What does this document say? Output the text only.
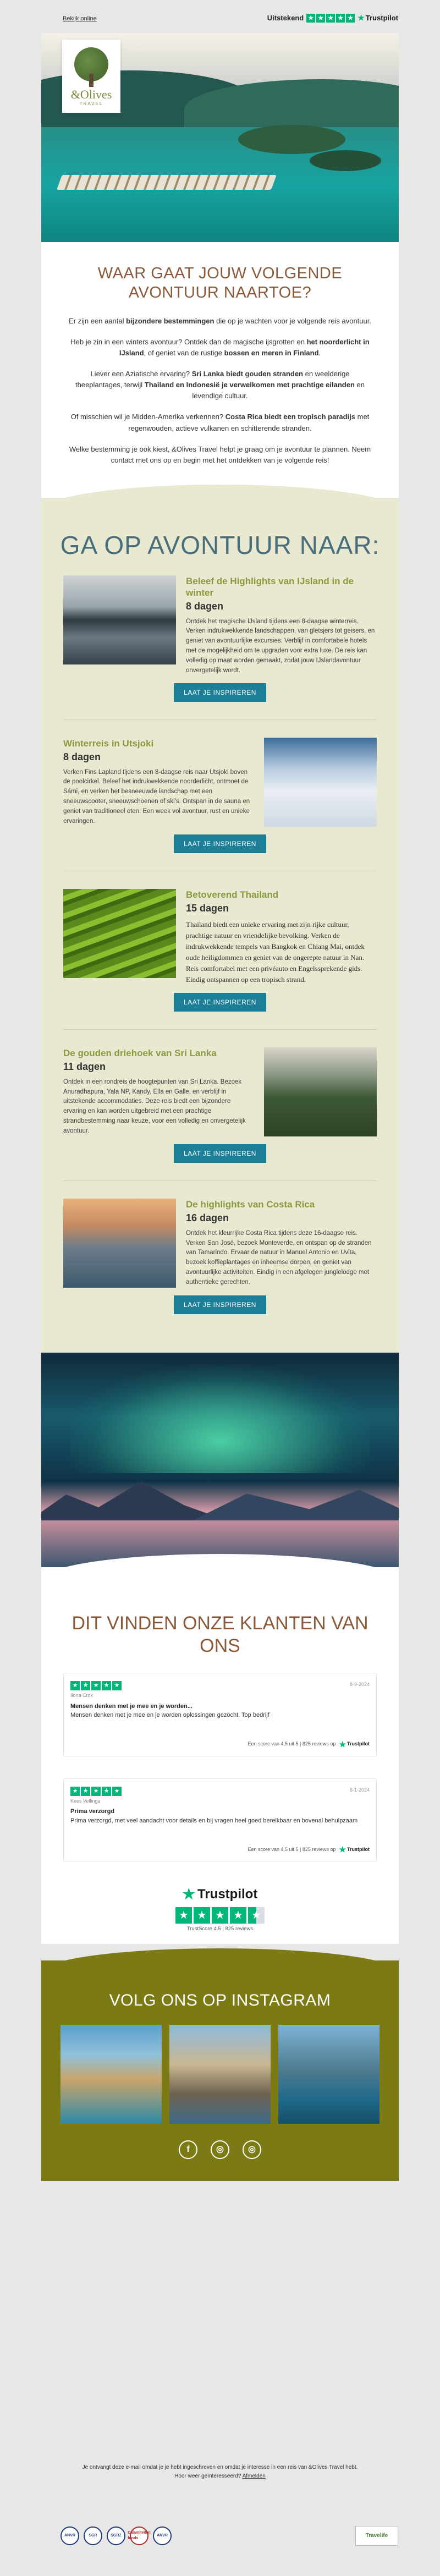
Bekijk online	Uitstekend ★ ★ ★ ★ ★ ★ Trustpilot
&Olives
TRAVEL
WAAR GAAT JOUW VOLGENDE AVONTUUR NAARTOE?

Er zijn een aantal bijzondere bestemmingen die op je wachten voor je volgende reis avontuur.

Heb je zin in een winters avontuur? Ontdek dan de magische ijsgrotten en het noorderlicht in IJsland, of geniet van de rustige bossen en meren in Finland.

Liever een Aziatische ervaring? Sri Lanka biedt gouden stranden en weelderige theeplantages, terwijl Thailand en Indonesië je verwelkomen met prachtige eilanden en levendige cultuur.

Of misschien wil je Midden-Amerika verkennen? Costa Rica biedt een tropisch paradijs met regenwouden, actieve vulkanen en schitterende stranden.

Welke bestemming je ook kiest, &Olives Travel helpt je graag om je avontuur te plannen. Neem contact met ons op en begin met het ontdekken van je volgende reis!

GA OP AVONTUUR NAAR:
Beleef de Highlights van IJsland in de winter
8 dagen
Ontdek het magische IJsland tijdens een 8-daagse winterreis. Verken indrukwekkende landschappen, van gletsjers tot geisers, en geniet van avontuurlijke excursies. Verblijf in comfortabele hotels met de mogelijkheid om te upgraden voor extra luxe. De reis kan volledig op maat worden gemaakt, zodat jouw IJslandavontuur onvergetelijk wordt.
LAAT JE INSPIREREN
Winterreis in Utsjoki
8 dagen
Verken Fins Lapland tijdens een 8-daagse reis naar Utsjoki boven de poolcirkel. Beleef het indrukwekkende noorderlicht, ontmoet de Sámi, en verken het besneeuwde landschap met een sneeuwscooter, sneeuwschoenen of ski's. Ontspan in de sauna en geniet van traditioneel eten. Een week vol avontuur, rust en unieke ervaringen.
LAAT JE INSPIREREN
Betoverend Thailand
15 dagen
Thailand biedt een unieke ervaring met zijn rijke cultuur, prachtige natuur en vriendelijke bevolking. Verken de indrukwekkende tempels van Bangkok en Chiang Mai, ontdek oude heiligdommen en geniet van de ongerepte natuur in Nan. Reis comfortabel met een privéauto en Engelssprekende gids. Eindig ontspannen op een tropisch strand.
LAAT JE INSPIREREN
De gouden driehoek van Sri Lanka
11 dagen
Ontdek in een rondreis de hoogtepunten van Sri Lanka. Bezoek Anuradhapura, Yala NP, Kandy, Ella en Galle, en verblijf in uitstekende accommodaties. Deze reis biedt een bijzondere ervaring en kan worden uitgebreid met een prachtige strandbestemming naar keuze, voor een volledig en onvergetelijk avontuur.
LAAT JE INSPIREREN
De highlights van Costa Rica
16 dagen
Ontdek het kleurrijke Costa Rica tijdens deze 16-daagse reis. Verken San José, bezoek Monteverde, en ontspan op de stranden van Tamarindo. Ervaar de natuur in Manuel Antonio en Uvita, bezoek koffieplantages en inheemse dorpen, en geniet van avontuurlijke activiteiten. Eindig in een afgelegen junglelodge met authentieke gerechten.
LAAT JE INSPIREREN
DIT VINDEN ONZE KLANTEN VAN ONS
★ ★ ★ ★ ★	8-9-2024
Ilona Crok
Mensen denken met je mee en je worden...
Mensen denken met je mee en je worden oplossingen gezocht. Top bedrijf
Een score van 4,5 uit 5 | 825 reviews op ★ Trustpilot
★ ★ ★ ★ ★	8-1-2024
Kees Vellinga
Prima verzorgd
Prima verzorgd, met veel aandacht voor details en bij vragen heel goed bereikbaar en bovenal behulpzaam
Een score van 4,5 uit 5 | 825 reviews op ★ Trustpilot
★ Trustpilot
★ ★ ★ ★ ★
TrustScore 4.5 | 825 reviews
VOLG ONS OP INSTAGRAM
f	◎	◎
Je ontvangt deze e-mail omdat je je hebt ingeschreven en omdat je interesse in een reis van &Olives Travel hebt.
Hoor weer geïnteresseerd? Afmelden
ANVR	SGR	SGRZ
Calamiteiten fonds
ANVR	Travelife
